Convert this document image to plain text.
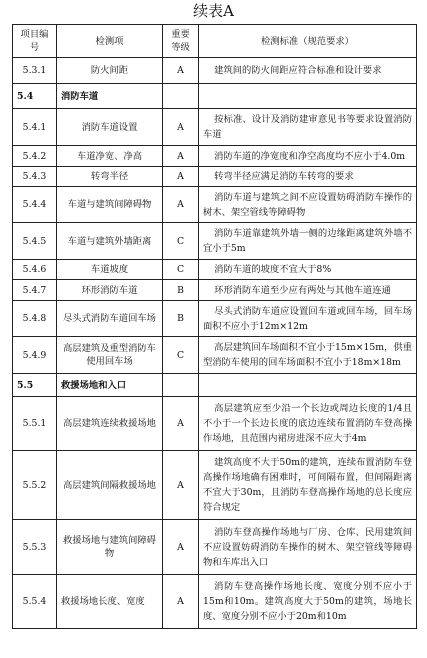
续表A
项目编号	检测项	重要等级	检测标准（规范要求）
5.3.1	防火间距	A	建筑间的防火间距应符合标准和设计要求
5.4	消防车道		
5.4.1	消防车道设置	A	按标准、设计及消防建审意见书等要求设置消防车道
5.4.2	车道净宽、净高	A	消防车道的净宽度和净空高度均不应小于4.0m
5.4.3	转弯半径	A	转弯半径应满足消防车转弯的要求
5.4.4	车道与建筑间障碍物	A	消防车道与建筑之间不应设置妨碍消防车操作的树木、架空管线等障碍物
5.4.5	车道与建筑外墙距离	C	消防车道靠建筑外墙一侧的边缘距离建筑外墙不宜小于5m
5.4.6	车道坡度	C	消防车道的坡度不宜大于8%
5.4.7	环形消防车道	B	环形消防车道至少应有两处与其他车道连通
5.4.8	尽头式消防车道回车场	B	尽头式消防车道应设置回车道或回车场，回车场面积不应小于12m×12m
5.4.9	高层建筑及重型消防车使用回车场	C	高层建筑回车场面积不宜小于15m×15m，供重型消防车使用的回车场面积不宜小于18m×18m
5.5	救援场地和入口		
5.5.1	高层建筑连续救援场地	A	高层建筑应至少沿一个长边或周边长度的1/4且不小于一个长边长度的底边连续布置消防车登高操作场地，且范围内裙房进深不应大于4m
5.5.2	高层建筑间隔救援场地	A	建筑高度不大于50m的建筑，连续布置消防车登高操作场地确有困难时，可间隔布置，但间隔距离不宜大于30m，且消防车登高操作场地的总长度应符合规定
5.5.3	救援场地与建筑间障碍物	A	消防车登高操作场地与厂房、仓库、民用建筑间不应设置妨碍消防车操作的树木、架空管线等障碍物和车库出入口
5.5.4	救援场地长度、宽度	A	消防车登高操作场地长度、宽度分别不应小于15m和10m。建筑高度大于50m的建筑，场地长度、宽度分别不应小于20m和10m
